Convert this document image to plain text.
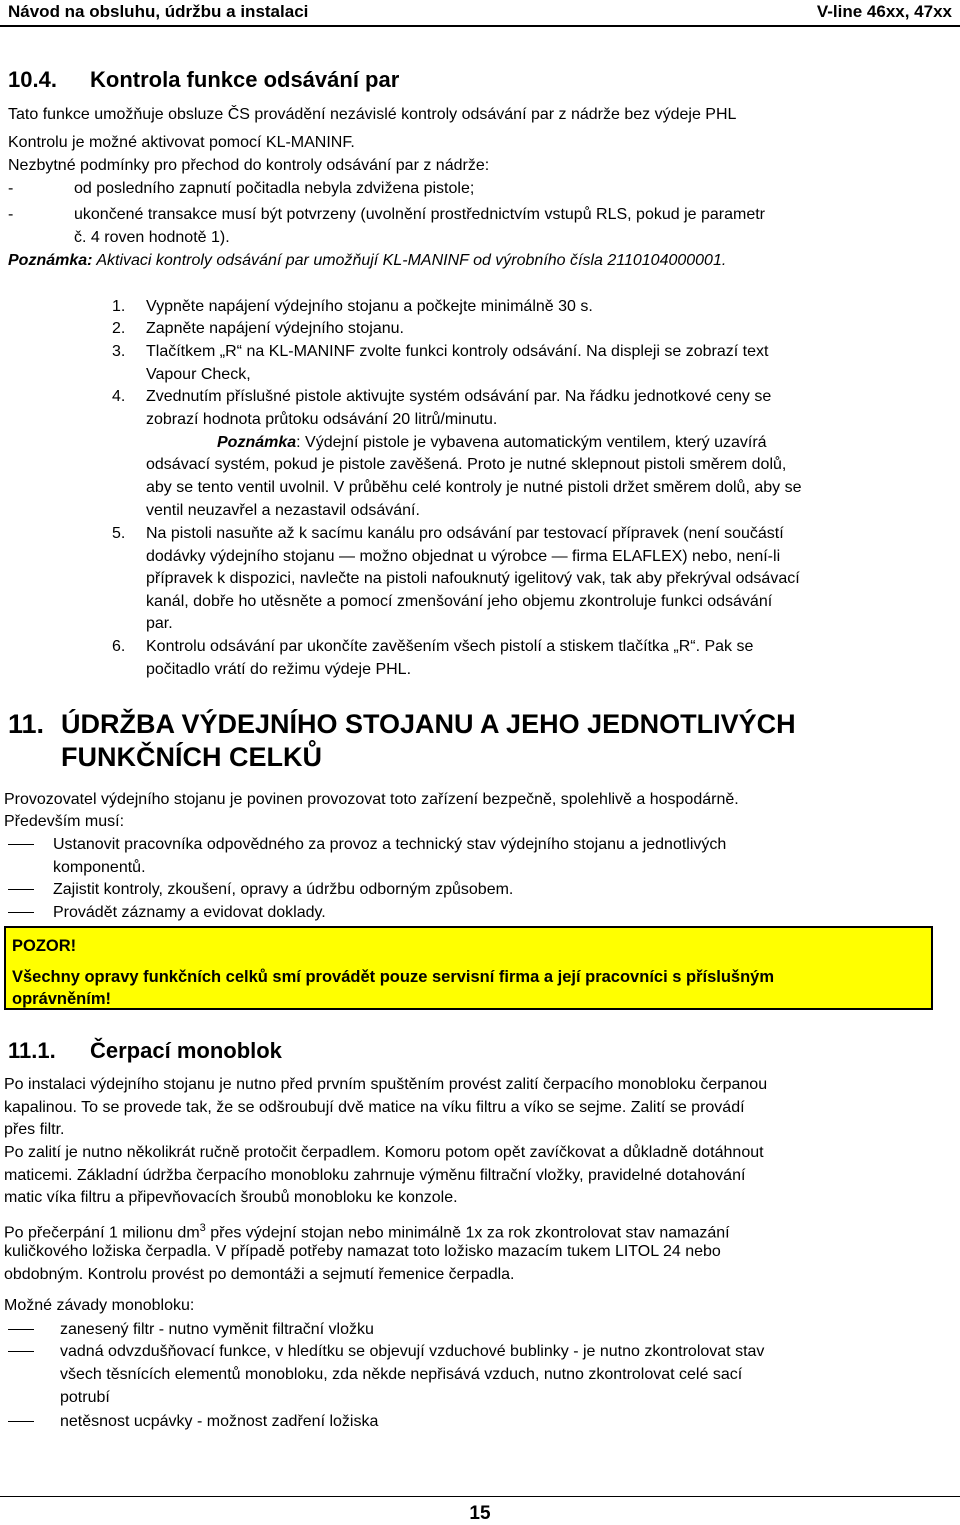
Návod na obsluhu, údržbu a instalaci	V-line 46xx, 47xx
10.4. Kontrola funkce odsávání par
Tato funkce umožňuje obsluze ČS provádění nezávislé kontroly odsávání par z nádrže bez výdeje PHL
Kontrolu je možné aktivovat pomocí KL-MANINF.
Nezbytné podmínky pro přechod do kontroly odsávání par z nádrže:
-	od posledního zapnutí počitadla nebyla zdvižena pistole;
-	ukončené transakce musí být potvrzeny (uvolnění prostřednictvím vstupů RLS, pokud je parametr
č. 4 roven hodnotě 1).
Poznámka: Aktivaci kontroly odsávání par umožňují KL-MANINF od výrobního čísla 2110104000001.
1. Vypněte napájení výdejního stojanu a počkejte minimálně 30 s.
2. Zapněte napájení výdejního stojanu.
3. Tlačítkem „R“ na KL-MANINF zvolte funkci kontroly odsávání. Na displeji se zobrazí text
Vapour Check,
4. Zvednutím příslušné pistole aktivujte systém odsávání par. Na řádku jednotkové ceny se
zobrazí hodnota průtoku odsávání 20 litrů/minutu.
Poznámka: Výdejní pistole je vybavena automatickým ventilem, který uzavírá
odsávací systém, pokud je pistole zavěšená. Proto je nutné sklepnout pistoli směrem dolů,
aby se tento ventil uvolnil. V průběhu celé kontroly je nutné pistoli držet směrem dolů, aby se
ventil neuzavřel a nezastavil odsávání.
5. Na pistoli nasuňte až k sacímu kanálu pro odsávání par testovací přípravek (není součástí
dodávky výdejního stojanu — možno objednat u výrobce — firma ELAFLEX) nebo, není-li
přípravek k dispozici, navlečte na pistoli nafouknutý igelitový vak, tak aby překrýval odsávací
kanál, dobře ho utěsněte a pomocí zmenšování jeho objemu zkontroluje funkci odsávání
par.
6. Kontrolu odsávání par ukončíte zavěšením všech pistolí a stiskem tlačítka „R“. Pak se
počitadlo vrátí do režimu výdeje PHL.
11. ÚDRŽBA VÝDEJNÍHO STOJANU A JEHO JEDNOTLIVÝCH
FUNKČNÍCH CELKŮ
Provozovatel výdejního stojanu je povinen provozovat toto zařízení bezpečně, spolehlivě a hospodárně.
Především musí:
Ustanovit pracovníka odpovědného za provoz a technický stav výdejního stojanu a jednotlivých
komponentů.
Zajistit kontroly, zkoušení, opravy a údržbu odborným způsobem.
Provádět záznamy a evidovat doklady.
POZOR!
Všechny opravy funkčních celků smí provádět pouze servisní firma a její pracovníci s příslušným
oprávněním!
11.1. Čerpací monoblok
Po instalaci výdejního stojanu je nutno před prvním spuštěním provést zalití čerpacího monobloku čerpanou
kapalinou. To se provede tak, že se odšroubují dvě matice na víku filtru a víko se sejme. Zalití se provádí
přes filtr.
Po zalití je nutno několikrát ručně protočit čerpadlem. Komoru potom opět zavíčkovat a důkladně dotáhnout
maticemi. Základní údržba čerpacího monobloku zahrnuje výměnu filtrační vložky, pravidelné dotahování
matic víka filtru a připevňovacích šroubů monobloku ke konzole.
Po přečerpání 1 milionu $dm^3$ přes výdejní stojan nebo minimálně 1x za rok zkontrolovat stav namazání
kuličkového ložiska čerpadla. V případě potřeby namazat toto ložisko mazacím tukem LITOL 24 nebo
obdobným. Kontrolu provést po demontáži a sejmutí řemenice čerpadla.
Možné závady monobloku:
zanesený filtr - nutno vyměnit filtrační vložku
vadná odvzdušňovací funkce, v hledítku se objevují vzduchové bublinky - je nutno zkontrolovat stav
všech těsnících elementů monobloku, zda někde nepřisává vzduch, nutno zkontrolovat celé sací
potrubí
netěsnost ucpávky - možnost zadření ložiska
15
